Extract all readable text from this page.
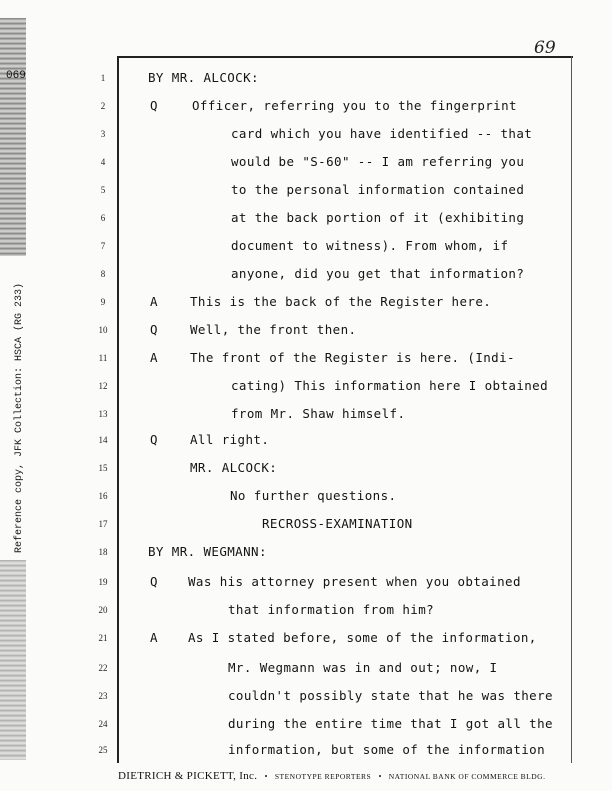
069
69
Reference copy, JFK Collection: HSCA (RG 233)
1	BY MR. ALCOCK:
2	Q	Officer, referring you to the fingerprint
3	card which you have identified -- that
4	would be "S-60" -- I am referring you
5	to the personal information contained
6	at the back portion of it (exhibiting
7	document to witness). From whom, if
8	anyone, did you get that information?
9	A	This is the back of the Register here.
10	Q	Well, the front then.
11	A	The front of the Register is here. (Indi-
12	cating) This information here I obtained
13	from Mr. Shaw himself.
14	Q	All right.
15	MR. ALCOCK:
16	No further questions.
17	RECROSS-EXAMINATION
18	BY MR. WEGMANN:
19	Q Was his attorney present when you obtained
20	that information from him?
21	A As I stated before, some of the information,
22	Mr. Wegmann was in and out; now, I
23	couldn't possibly state that he was there
24	during the entire time that I got all the
25	information, but some of the information
DIETRICH & PICKETT, Inc. • STENOTYPE REPORTERS • NATIONAL BANK OF COMMERCE BLDG.
